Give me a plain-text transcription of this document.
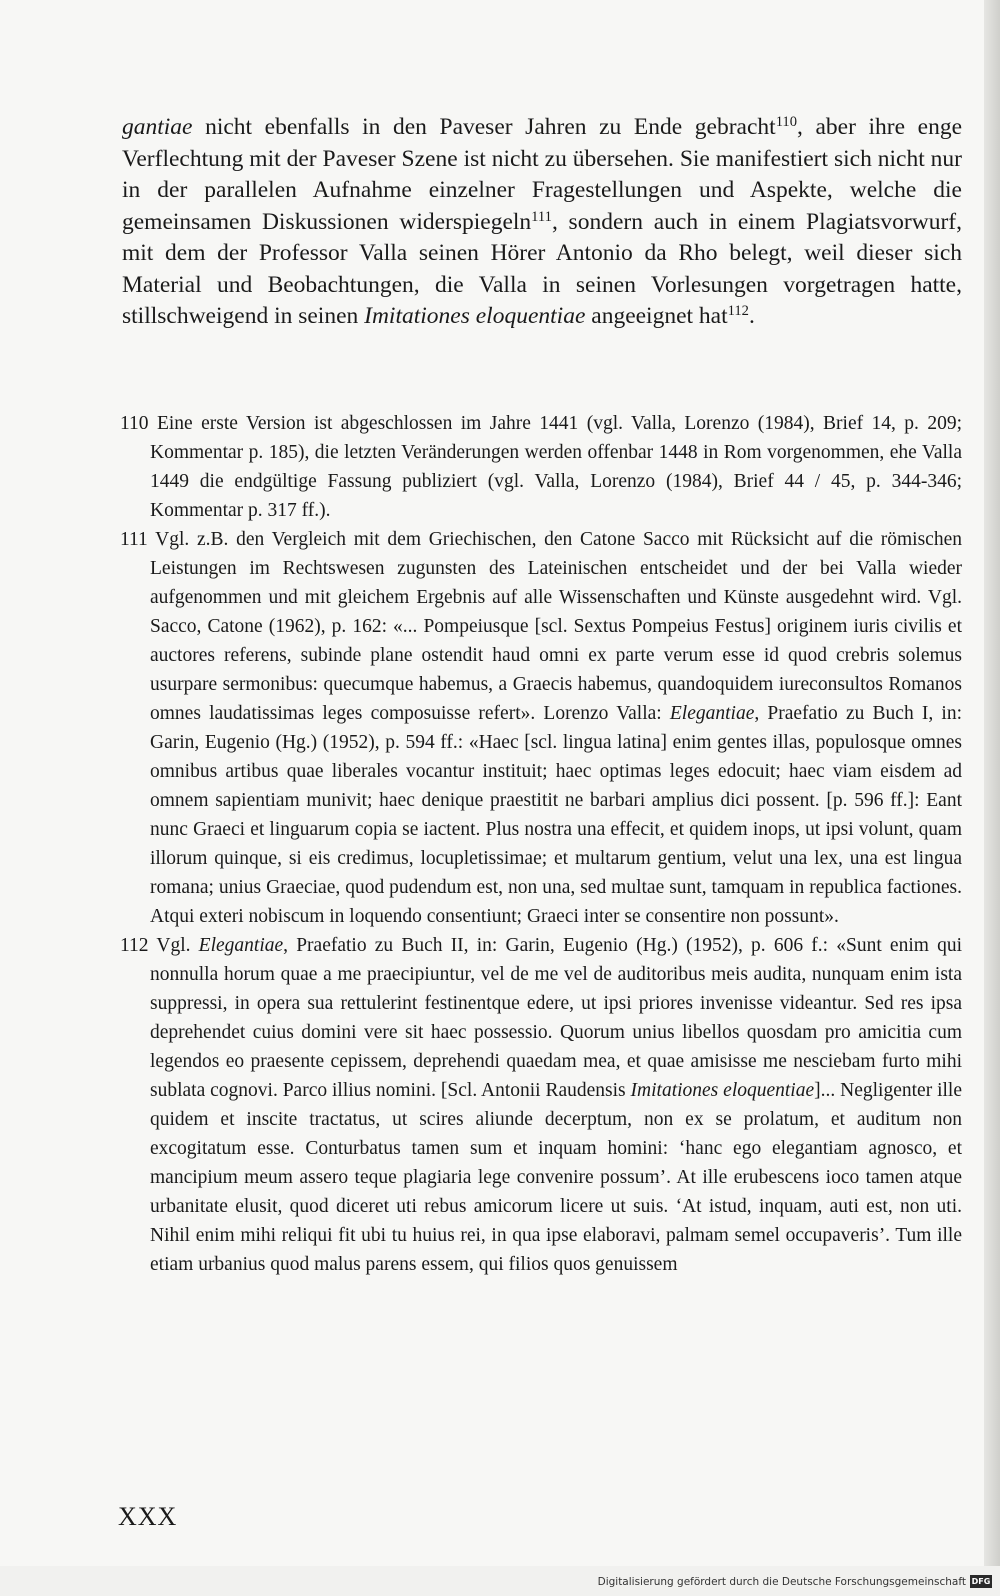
gantiae nicht ebenfalls in den Paveser Jahren zu Ende gebracht$^{110}$, aber ihre enge Verflechtung mit der Paveser Szene ist nicht zu übersehen. Sie manifestiert sich nicht nur in der parallelen Aufnahme einzelner Fragestellungen und Aspekte, welche die gemeinsamen Diskussionen widerspiegeln$^{111}$, sondern auch in einem Plagiatsvorwurf, mit dem der Professor Valla seinen Hörer Antonio da Rho belegt, weil dieser sich Material und Beobachtungen, die Valla in seinen Vorlesungen vorgetragen hatte, stillschweigend in seinen Imitationes eloquentiae angeeignet hat$^{112}$.

110 Eine erste Version ist abgeschlossen im Jahre 1441 (vgl. Valla, Lorenzo (1984), Brief 14, p. 209; Kommentar p. 185), die letzten Veränderungen werden offenbar 1448 in Rom vorgenommen, ehe Valla 1449 die endgültige Fassung publiziert (vgl. Valla, Lorenzo (1984), Brief 44 / 45, p. 344-346; Kommentar p. 317 ff.).
111 Vgl. z.B. den Vergleich mit dem Griechischen, den Catone Sacco mit Rücksicht auf die römischen Leistungen im Rechtswesen zugunsten des Lateinischen entscheidet und der bei Valla wieder aufgenommen und mit gleichem Ergebnis auf alle Wissenschaften und Künste ausgedehnt wird. Vgl. Sacco, Catone (1962), p. 162: «... Pompeiusque [scl. Sextus Pompeius Festus] originem iuris civilis et auctores referens, subinde plane ostendit haud omni ex parte verum esse id quod crebris solemus usurpare sermonibus: quecumque habemus, a Graecis habemus, quandoquidem iureconsultos Romanos omnes laudatissimas leges composuisse refert». Lorenzo Valla: Elegantiae, Praefatio zu Buch I, in: Garin, Eugenio (Hg.) (1952), p. 594 ff.: «Haec [scl. lingua latina] enim gentes illas, populosque omnes omnibus artibus quae liberales vocantur instituit; haec optimas leges edocuit; haec viam eisdem ad omnem sapientiam munivit; haec denique praestitit ne barbari amplius dici possent. [p. 596 ff.]: Eant nunc Graeci et linguarum copia se iactent. Plus nostra una effecit, et quidem inops, ut ipsi volunt, quam illorum quinque, si eis credimus, locupletissimae; et multarum gentium, velut una lex, una est lingua romana; unius Graeciae, quod pudendum est, non una, sed multae sunt, tamquam in republica factiones. Atqui exteri nobiscum in loquendo consentiunt; Graeci inter se consentire non possunt».
112 Vgl. Elegantiae, Praefatio zu Buch II, in: Garin, Eugenio (Hg.) (1952), p. 606 f.: «Sunt enim qui nonnulla horum quae a me praecipiuntur, vel de me vel de auditoribus meis audita, nunquam enim ista suppressi, in opera sua rettulerint festinentque edere, ut ipsi priores invenisse videantur. Sed res ipsa deprehendet cuius domini vere sit haec possessio. Quorum unius libellos quosdam pro amicitia cum legendos eo praesente cepissem, deprehendi quaedam mea, et quae amisisse me nesciebam furto mihi sublata cognovi. Parco illius nomini. [Scl. Antonii Raudensis Imitationes eloquentiae]... Negligenter ille quidem et inscite tractatus, ut scires aliunde decerptum, non ex se prolatum, et auditum non excogitatum esse. Conturbatus tamen sum et inquam homini: ‘hanc ego elegantiam agnosco, et mancipium meum assero teque plagiaria lege convenire possum’. At ille erubescens ioco tamen atque urbanitate elusit, quod diceret uti rebus amicorum licere ut suis. ‘At istud, inquam, auti est, non uti. Nihil enim mihi reliqui fit ubi tu huius rei, in qua ipse elaboravi, palmam semel occupaveris’. Tum ille etiam urbanius quod malus parens essem, qui filios quos genuissem
XXX
Digitalisierung gefördert durch die Deutsche Forschungsgemeinschaft DFG
